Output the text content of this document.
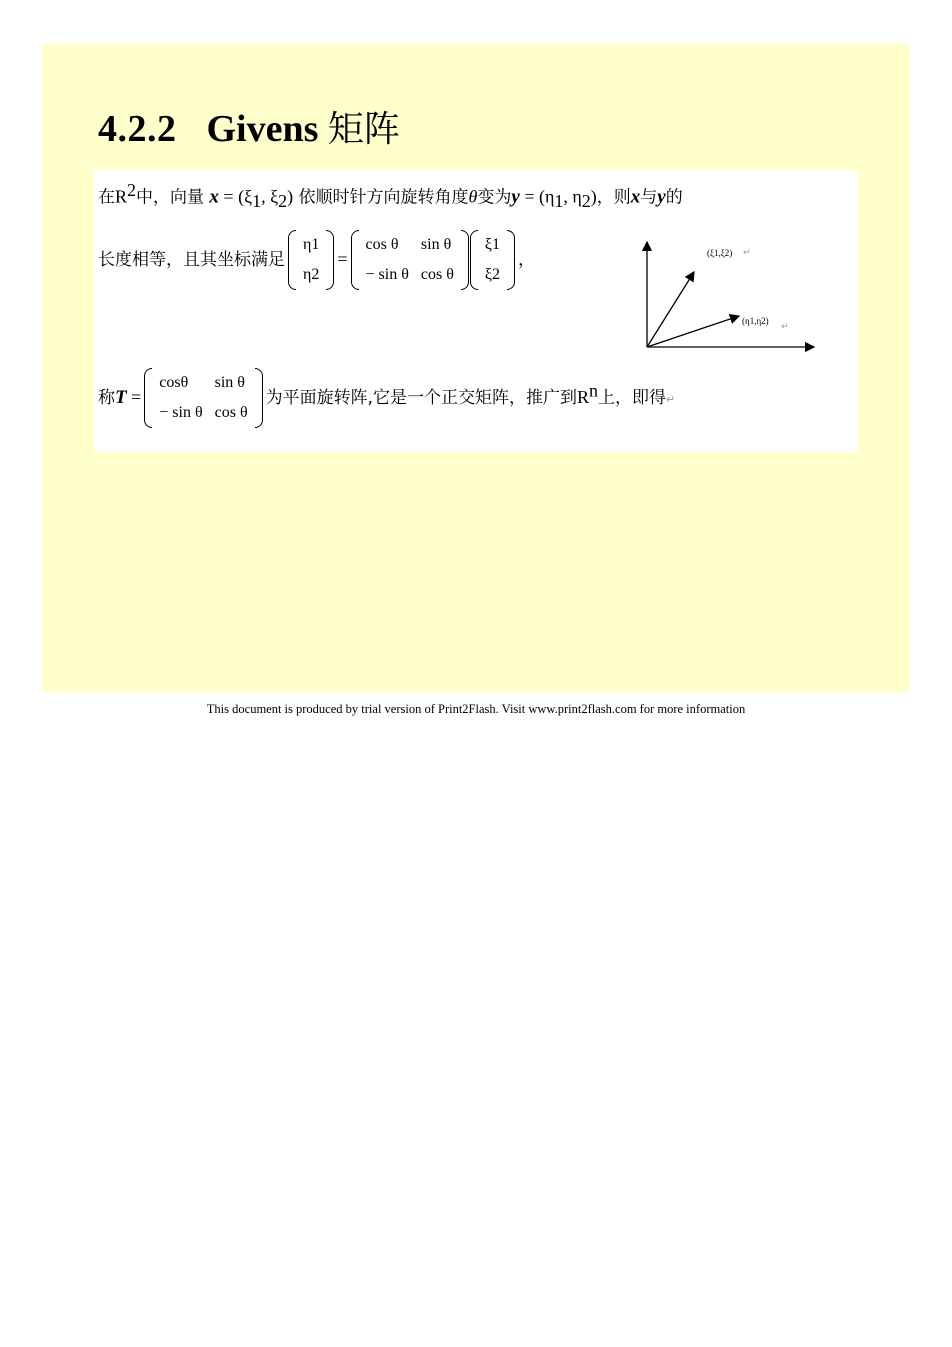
4.2.2 Givens 矩阵
在$R^2$中，向量 $x = (\xi_1$, $\xi_2$) 依顺时针方向旋转角度θ变为$y = (\eta_1$, $\eta_2$)，则x与y的
长度相等，且其坐标满足
η1
η2
=
cos θ	sin θ
− sin θ	cos θ
ξ1
ξ2
，	(ξ1,ξ2) ↵
(η1,η2)
↵
称T =
cosθ	sin θ
− sin θ	cos θ
为平面旋转阵,它是一个正交矩阵，推广到$R^n$上，即得↵
This document is produced by trial version of Print2Flash. Visit www.print2flash.com for more information
